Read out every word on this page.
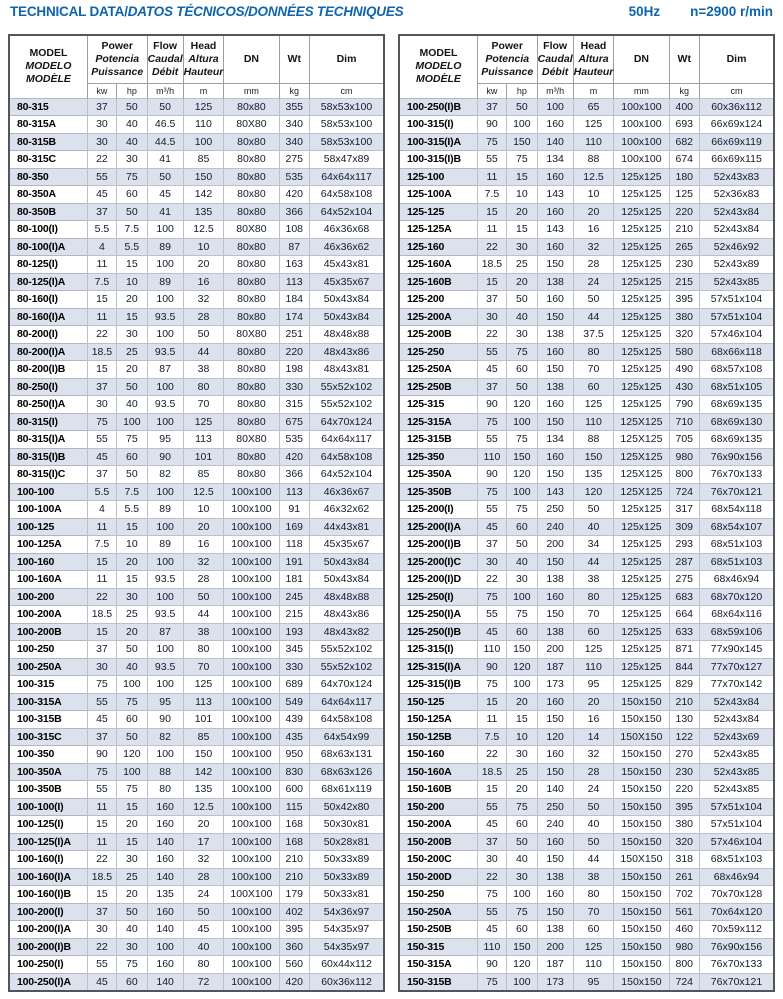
TECHNICAL DATA/DATOS TÉCNICOS/DONNÉES TECHNIQUES	50Hz n=2900 r/min
MODEL
MODELO
MODÈLE	Power
Potencia
Puissance		Flow
Caudal
Débit	Head
Altura
Hauteur	DN	Wt	Dim
	kw	hp	m³/h	m	mm	kg	cm
80-315	37	50	50	125	80x80	355	58x53x100
80-315A	30	40	46.5	110	80X80	340	58x53x100
80-315B	30	40	44.5	100	80x80	340	58x53x100
80-315C	22	30	41	85	80x80	275	58x47x89
80-350	55	75	50	150	80x80	535	64x64x117
80-350A	45	60	45	142	80x80	420	64x58x108
80-350B	37	50	41	135	80x80	366	64x52x104
80-100(I)	5.5	7.5	100	12.5	80X80	108	46x36x68
80-100(I)A	4	5.5	89	10	80x80	87	46x36x62
80-125(I)	11	15	100	20	80x80	163	45x43x81
80-125(I)A	7.5	10	89	16	80x80	113	45x35x67
80-160(I)	15	20	100	32	80x80	184	50x43x84
80-160(I)A	11	15	93.5	28	80x80	174	50x43x84
80-200(I)	22	30	100	50	80X80	251	48x48x88
80-200(I)A	18.5	25	93.5	44	80x80	220	48x43x86
80-200(I)B	15	20	87	38	80x80	198	48x43x81
80-250(I)	37	50	100	80	80x80	330	55x52x102
80-250(I)A	30	40	93.5	70	80x80	315	55x52x102
80-315(I)	75	100	100	125	80x80	675	64x70x124
80-315(I)A	55	75	95	113	80X80	535	64x64x117
80-315(I)B	45	60	90	101	80x80	420	64x58x108
80-315(I)C	37	50	82	85	80x80	366	64x52x104
100-100	5.5	7.5	100	12.5	100x100	113	46x36x67
100-100A	4	5.5	89	10	100x100	91	46x32x62
100-125	11	15	100	20	100x100	169	44x43x81
100-125A	7.5	10	89	16	100x100	118	45x35x67
100-160	15	20	100	32	100x100	191	50x43x84
100-160A	11	15	93.5	28	100x100	181	50x43x84
100-200	22	30	100	50	100x100	245	48x48x88
100-200A	18.5	25	93.5	44	100x100	215	48x43x86
100-200B	15	20	87	38	100x100	193	48x43x82
100-250	37	50	100	80	100x100	345	55x52x102
100-250A	30	40	93.5	70	100x100	330	55x52x102
100-315	75	100	100	125	100x100	689	64x70x124
100-315A	55	75	95	113	100x100	549	64x64x117
100-315B	45	60	90	101	100x100	439	64x58x108
100-315C	37	50	82	85	100x100	435	64x54x99
100-350	90	120	100	150	100x100	950	68x63x131
100-350A	75	100	88	142	100x100	830	68x63x126
100-350B	55	75	80	135	100x100	600	68x61x119
100-100(I)	11	15	160	12.5	100x100	115	50x42x80
100-125(I)	15	20	160	20	100x100	168	50x30x81
100-125(I)A	11	15	140	17	100x100	168	50x28x81
100-160(I)	22	30	160	32	100x100	210	50x33x89
100-160(I)A	18.5	25	140	28	100x100	210	50x33x89
100-160(I)B	15	20	135	24	100X100	179	50x33x81
100-200(I)	37	50	160	50	100x100	402	54x36x97
100-200(I)A	30	40	140	45	100x100	395	54x35x97
100-200(I)B	22	30	100	40	100x100	360	54x35x97
100-250(I)	55	75	160	80	100x100	560	60x44x112
100-250(I)A	45	60	140	72	100x100	420	60x36x112
MODEL
MODELO
MODÈLE	Power
Potencia
Puissance		Flow
Caudal
Débit	Head
Altura
Hauteur	DN	Wt	Dim
	kw	hp	m³/h	m	mm	kg	cm
100-250(I)B	37	50	100	65	100x100	400	60x36x112
100-315(I)	90	100	160	125	100x100	693	66x69x124
100-315(I)A	75	150	140	110	100x100	682	66x69x119
100-315(I)B	55	75	134	88	100x100	674	66x69x115
125-100	11	15	160	12.5	125x125	180	52x43x83
125-100A	7.5	10	143	10	125x125	125	52x36x83
125-125	15	20	160	20	125x125	220	52x43x84
125-125A	11	15	143	16	125x125	210	52x43x84
125-160	22	30	160	32	125x125	265	52x46x92
125-160A	18.5	25	150	28	125x125	230	52x43x89
125-160B	15	20	138	24	125x125	215	52x43x85
125-200	37	50	160	50	125x125	395	57x51x104
125-200A	30	40	150	44	125x125	380	57x51x104
125-200B	22	30	138	37.5	125x125	320	57x46x104
125-250	55	75	160	80	125x125	580	68x66x118
125-250A	45	60	150	70	125x125	490	68x57x108
125-250B	37	50	138	60	125x125	430	68x51x105
125-315	90	120	160	125	125x125	790	68x69x135
125-315A	75	100	150	110	125X125	710	68x69x130
125-315B	55	75	134	88	125X125	705	68x69x135
125-350	110	150	160	150	125X125	980	76x90x156
125-350A	90	120	150	135	125X125	800	76x70x133
125-350B	75	100	143	120	125X125	724	76x70x121
125-200(I)	55	75	250	50	125x125	317	68x54x118
125-200(I)A	45	60	240	40	125x125	309	68x54x107
125-200(I)B	37	50	200	34	125x125	293	68x51x103
125-200(I)C	30	40	150	44	125x125	287	68x51x103
125-200(I)D	22	30	138	38	125x125	275	68x46x94
125-250(I)	75	100	160	80	125x125	683	68x70x120
125-250(I)A	55	75	150	70	125x125	664	68x64x116
125-250(I)B	45	60	138	60	125x125	633	68x59x106
125-315(I)	110	150	200	125	125x125	871	77x90x145
125-315(I)A	90	120	187	110	125x125	844	77x70x127
125-315(I)B	75	100	173	95	125x125	829	77x70x142
150-125	15	20	160	20	150x150	210	52x43x84
150-125A	11	15	150	16	150x150	130	52x43x84
150-125B	7.5	10	120	14	150X150	122	52x43x69
150-160	22	30	160	32	150x150	270	52x43x85
150-160A	18.5	25	150	28	150x150	230	52x43x85
150-160B	15	20	140	24	150x150	220	52x43x85
150-200	55	75	250	50	150x150	395	57x51x104
150-200A	45	60	240	40	150x150	380	57x51x104
150-200B	37	50	160	50	150x150	320	57x46x104
150-200C	30	40	150	44	150X150	318	68x51x103
150-200D	22	30	138	38	150x150	261	68x46x94
150-250	75	100	160	80	150x150	702	70x70x128
150-250A	55	75	150	70	150x150	561	70x64x120
150-250B	45	60	138	60	150x150	460	70x59x112
150-315	110	150	200	125	150x150	980	76x90x156
150-315A	90	120	187	110	150x150	800	76x70x133
150-315B	75	100	173	95	150x150	724	76x70x121
